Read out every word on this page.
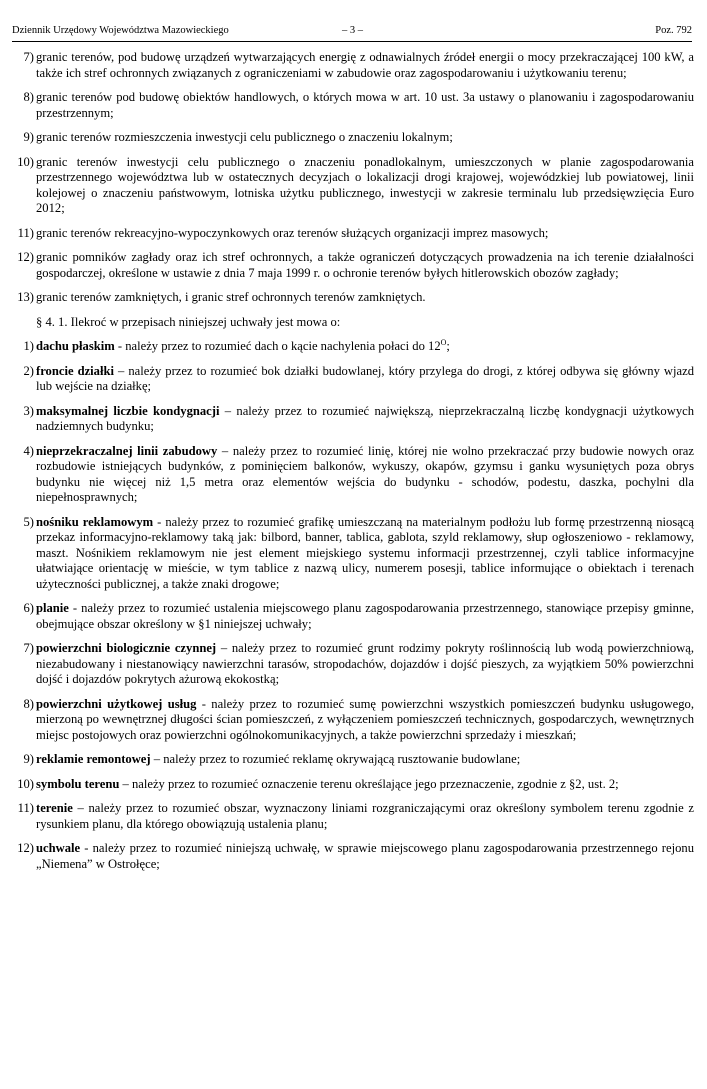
Dziennik Urzędowy Województwa Mazowieckiego	– 3 –	Poz. 792
7) granic terenów, pod budowę urządzeń wytwarzających energię z odnawialnych źródeł energii o mocy przekraczającej 100 kW, a także ich stref ochronnych związanych z ograniczeniami w zabudowie oraz zagospodarowaniu i użytkowaniu terenu;
8) granic terenów pod budowę obiektów handlowych, o których mowa w art. 10 ust. 3a ustawy o planowaniu i zagospodarowaniu przestrzennym;
9) granic terenów rozmieszczenia inwestycji celu publicznego o znaczeniu lokalnym;
10) granic terenów inwestycji celu publicznego o znaczeniu ponadlokalnym, umieszczonych w planie zagospodarowania przestrzennego województwa lub w ostatecznych decyzjach o lokalizacji drogi krajowej, wojewódzkiej lub powiatowej, linii kolejowej o znaczeniu państwowym, lotniska użytku publicznego, inwestycji w zakresie terminalu lub przedsięwzięcia Euro 2012;
11) granic terenów rekreacyjno-wypoczynkowych oraz terenów służących organizacji imprez masowych;
12) granic pomników zagłady oraz ich stref ochronnych, a także ograniczeń dotyczących prowadzenia na ich terenie działalności gospodarczej, określone w ustawie z dnia 7 maja 1999 r. o ochronie terenów byłych hitlerowskich obozów zagłady;
13) granic terenów zamkniętych, i granic stref ochronnych terenów zamkniętych.
§ 4. 1. Ilekroć w przepisach niniejszej uchwały jest mowa o:
1) dachu płaskim - należy przez to rozumieć dach o kącie nachylenia połaci do $12^O$;
2) froncie działki – należy przez to rozumieć bok działki budowlanej, który przylega do drogi, z której odbywa się główny wjazd lub wejście na działkę;
3) maksymalnej liczbie kondygnacji – należy przez to rozumieć największą, nieprzekraczalną liczbę kondygnacji użytkowych nadziemnych budynku;
4) nieprzekraczalnej linii zabudowy – należy przez to rozumieć linię, której nie wolno przekraczać przy budowie nowych oraz rozbudowie istniejących budynków, z pominięciem balkonów, wykuszy, okapów, gzymsu i ganku wysuniętych poza obrys budynku nie więcej niż 1,5 metra oraz elementów wejścia do budynku - schodów, podestu, daszka, pochylni dla niepełnosprawnych;
5) nośniku reklamowym - należy przez to rozumieć grafikę umieszczaną na materialnym podłożu lub formę przestrzenną niosącą przekaz informacyjno-reklamowy taką jak: bilbord, banner, tablica, gablota, szyld reklamowy, słup ogłoszeniowo - reklamowy, maszt. Nośnikiem reklamowym nie jest element miejskiego systemu informacji przestrzennej, czyli tablice informacyjne ułatwiające orientację w mieście, w tym tablice z nazwą ulicy, numerem posesji, tablice informujące o obiektach i terenach użyteczności publicznej, a także znaki drogowe;
6) planie - należy przez to rozumieć ustalenia miejscowego planu zagospodarowania przestrzennego, stanowiące przepisy gminne, obejmujące obszar określony w §1 niniejszej uchwały;
7) powierzchni biologicznie czynnej – należy przez to rozumieć grunt rodzimy pokryty roślinnością lub wodą powierzchniową, niezabudowany i niestanowiący nawierzchni tarasów, stropodachów, dojazdów i dojść pieszych, za wyjątkiem 50% powierzchni dojść i dojazdów pokrytych ażurową ekokostką;
8) powierzchni użytkowej usług - należy przez to rozumieć sumę powierzchni wszystkich pomieszczeń budynku usługowego, mierzoną po wewnętrznej długości ścian pomieszczeń, z wyłączeniem pomieszczeń technicznych, gospodarczych, wewnętrznych miejsc postojowych oraz powierzchni ogólnokomunikacyjnych, a także powierzchni sprzedaży i mieszkań;
9) reklamie remontowej – należy przez to rozumieć reklamę okrywającą rusztowanie budowlane;
10) symbolu terenu – należy przez to rozumieć oznaczenie terenu określające jego przeznaczenie, zgodnie z §2, ust. 2;
11) terenie – należy przez to rozumieć obszar, wyznaczony liniami rozgraniczającymi oraz określony symbolem terenu zgodnie z rysunkiem planu, dla którego obowiązują ustalenia planu;
12) uchwale - należy przez to rozumieć niniejszą uchwałę, w sprawie miejscowego planu zagospodarowania przestrzennego rejonu „Niemena” w Ostrołęce;
